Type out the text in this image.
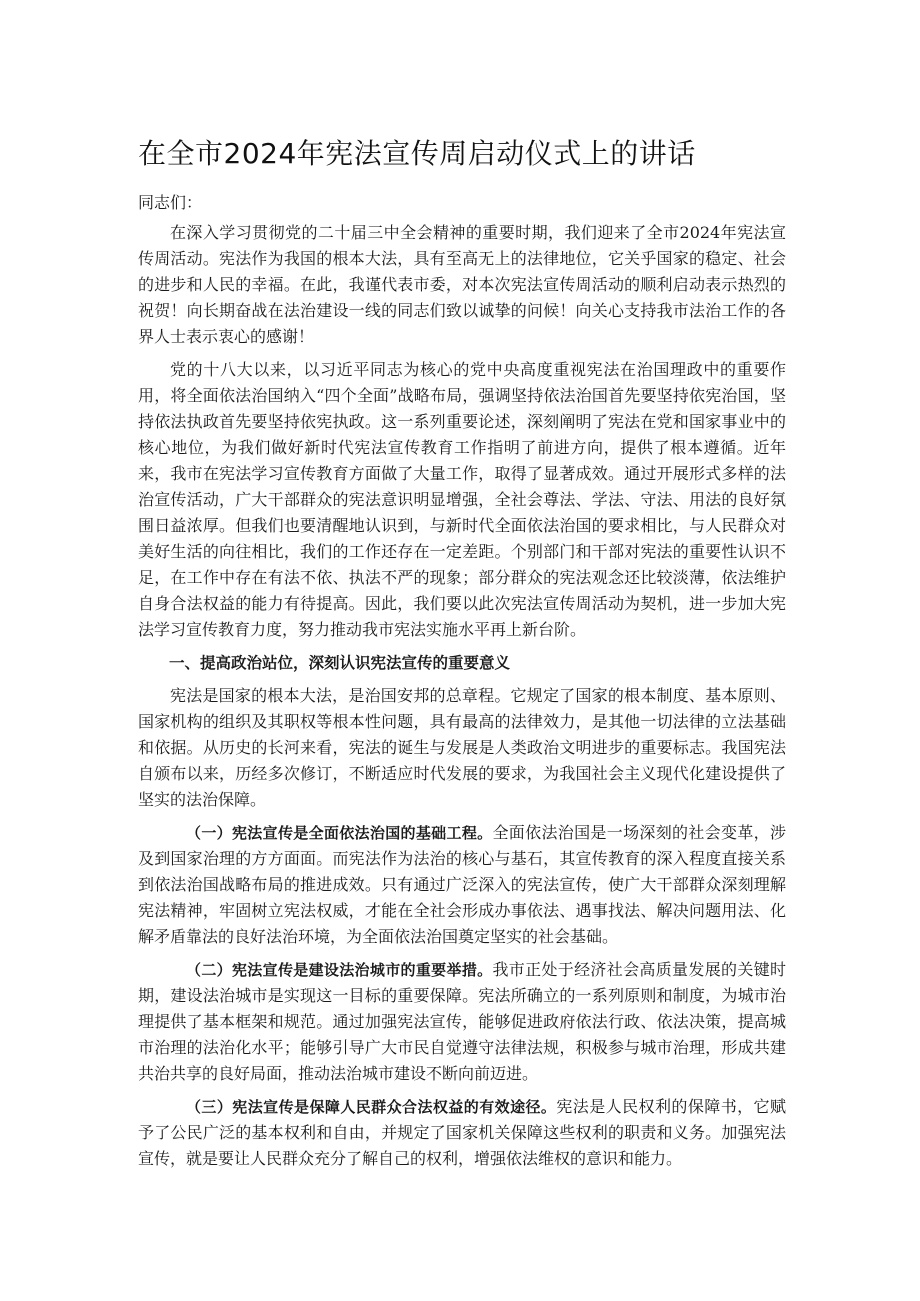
在全市2024年宪法宣传周启动仪式上的讲话

同志们：

在深入学习贯彻党的二十届三中全会精神的重要时期，我们迎来了全市2024年宪法宣传周活动。宪法作为我国的根本大法，具有至高无上的法律地位，它关乎国家的稳定、社会的进步和人民的幸福。在此，我谨代表市委，对本次宪法宣传周活动的顺利启动表示热烈的祝贺！向长期奋战在法治建设一线的同志们致以诚挚的问候！向关心支持我市法治工作的各界人士表示衷心的感谢！

党的十八大以来，以习近平同志为核心的党中央高度重视宪法在治国理政中的重要作用，将全面依法治国纳入“四个全面”战略布局，强调坚持依法治国首先要坚持依宪治国，坚持依法执政首先要坚持依宪执政。这一系列重要论述，深刻阐明了宪法在党和国家事业中的核心地位，为我们做好新时代宪法宣传教育工作指明了前进方向，提供了根本遵循。近年来，我市在宪法学习宣传教育方面做了大量工作，取得了显著成效。通过开展形式多样的法治宣传活动，广大干部群众的宪法意识明显增强，全社会尊法、学法、守法、用法的良好氛围日益浓厚。但我们也要清醒地认识到，与新时代全面依法治国的要求相比，与人民群众对美好生活的向往相比，我们的工作还存在一定差距。个别部门和干部对宪法的重要性认识不足，在工作中存在有法不依、执法不严的现象；部分群众的宪法观念还比较淡薄，依法维护自身合法权益的能力有待提高。因此，我们要以此次宪法宣传周活动为契机，进一步加大宪法学习宣传教育力度，努力推动我市宪法实施水平再上新台阶。

一、提高政治站位，深刻认识宪法宣传的重要意义

宪法是国家的根本大法，是治国安邦的总章程。它规定了国家的根本制度、基本原则、国家机构的组织及其职权等根本性问题，具有最高的法律效力，是其他一切法律的立法基础和依据。从历史的长河来看，宪法的诞生与发展是人类政治文明进步的重要标志。我国宪法自颁布以来，历经多次修订，不断适应时代发展的要求，为我国社会主义现代化建设提供了坚实的法治保障。

（一）宪法宣传是全面依法治国的基础工程。全面依法治国是一场深刻的社会变革，涉及到国家治理的方方面面。而宪法作为法治的核心与基石，其宣传教育的深入程度直接关系到依法治国战略布局的推进成效。只有通过广泛深入的宪法宣传，使广大干部群众深刻理解宪法精神，牢固树立宪法权威，才能在全社会形成办事依法、遇事找法、解决问题用法、化解矛盾靠法的良好法治环境，为全面依法治国奠定坚实的社会基础。

（二）宪法宣传是建设法治城市的重要举措。我市正处于经济社会高质量发展的关键时期，建设法治城市是实现这一目标的重要保障。宪法所确立的一系列原则和制度，为城市治理提供了基本框架和规范。通过加强宪法宣传，能够促进政府依法行政、依法决策，提高城市治理的法治化水平；能够引导广大市民自觉遵守法律法规，积极参与城市治理，形成共建共治共享的良好局面，推动法治城市建设不断向前迈进。

（三）宪法宣传是保障人民群众合法权益的有效途径。宪法是人民权利的保障书，它赋予了公民广泛的基本权利和自由，并规定了国家机关保障这些权利的职责和义务。加强宪法宣传，就是要让人民群众充分了解自己的权利，增强依法维权的意识和能力。
